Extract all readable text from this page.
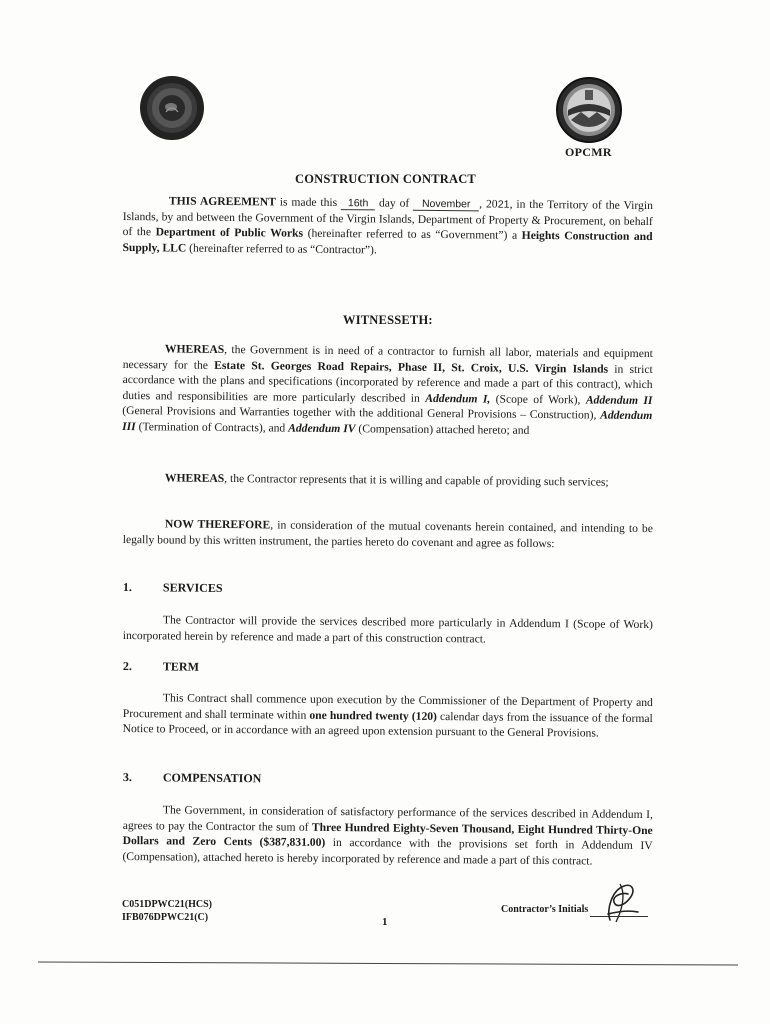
OPCMR
CONSTRUCTION CONTRACT
THIS AGREEMENT is made this 16th day of November , 2021, in the Territory of the Virgin Islands, by and between the Government of the Virgin Islands, Department of Property & Procurement, on behalf of the Department of Public Works (hereinafter referred to as “Government”) a Heights Construction and Supply, LLC (hereinafter referred to as “Contractor”).
WITNESSETH:
WHEREAS, the Government is in need of a contractor to furnish all labor, materials and equipment necessary for the Estate St. Georges Road Repairs, Phase II, St. Croix, U.S. Virgin Islands in strict accordance with the plans and specifications (incorporated by reference and made a part of this contract), which duties and responsibilities are more particularly described in Addendum I, (Scope of Work), Addendum II (General Provisions and Warranties together with the additional General Provisions – Construction), Addendum III (Termination of Contracts), and Addendum IV (Compensation) attached hereto; and
WHEREAS, the Contractor represents that it is willing and capable of providing such services;
NOW THEREFORE, in consideration of the mutual covenants herein contained, and intending to be legally bound by this written instrument, the parties hereto do covenant and agree as follows:
1.	SERVICES
The Contractor will provide the services described more particularly in Addendum I (Scope of Work) incorporated herein by reference and made a part of this construction contract.
2.	TERM
This Contract shall commence upon execution by the Commissioner of the Department of Property and Procurement and shall terminate within one hundred twenty (120) calendar days from the issuance of the formal Notice to Proceed, or in accordance with an agreed upon extension pursuant to the General Provisions.
3.	COMPENSATION
The Government, in consideration of satisfactory performance of the services described in Addendum I, agrees to pay the Contractor the sum of Three Hundred Eighty-Seven Thousand, Eight Hundred Thirty-One Dollars and Zero Cents ($387,831.00) in accordance with the provisions set forth in Addendum IV (Compensation), attached hereto is hereby incorporated by reference and made a part of this contract.
C051DPWC21(HCS)
IFB076DPWC21(C)	1
Contractor’s Initials
